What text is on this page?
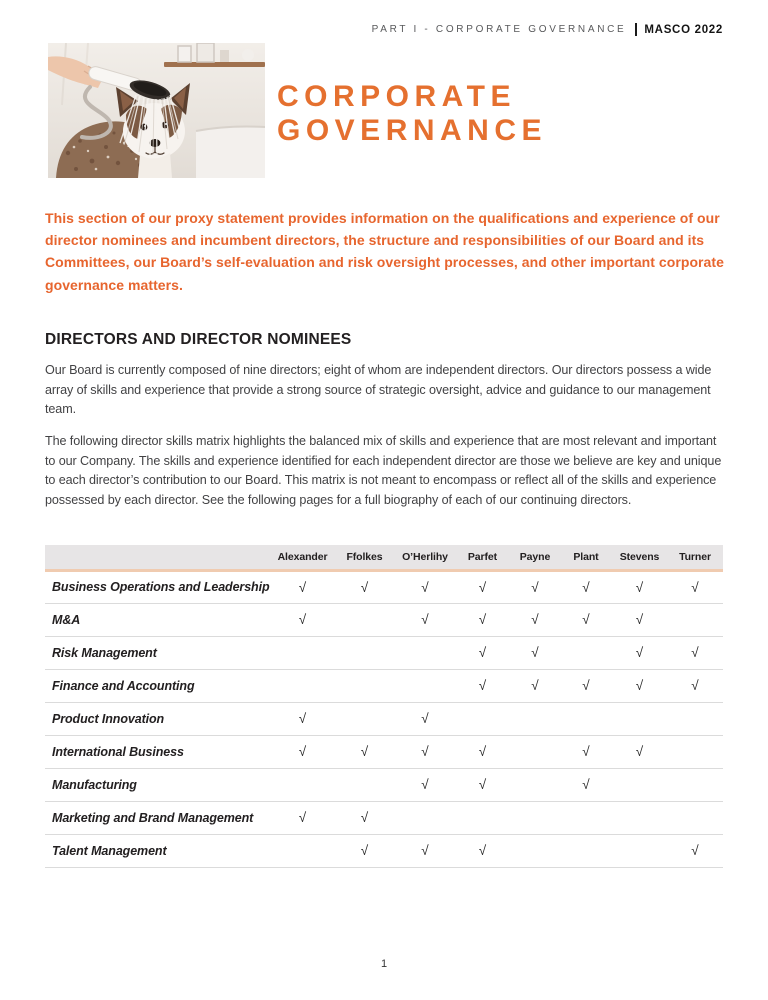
PART I - CORPORATE GOVERNANCE MASCO 2022
CORPORATE
GOVERNANCE

This section of our proxy statement provides information on the qualifications and experience of our director nominees and incumbent directors, the structure and responsibilities of our Board and its Committees, our Board’s self-evaluation and risk oversight processes, and other important corporate governance matters.

DIRECTORS AND DIRECTOR NOMINEES

Our Board is currently composed of nine directors; eight of whom are independent directors. Our directors possess a wide array of skills and experience that provide a strong source of strategic oversight, advice and guidance to our management team.

The following director skills matrix highlights the balanced mix of skills and experience that are most relevant and important to our Company. The skills and experience identified for each independent director are those we believe are key and unique to each director’s contribution to our Board. This matrix is not meant to encompass or reflect all of the skills and experience possessed by each director. See the following pages for a full biography of each of our continuing directors.

	Alexander	Ffolkes	O’Herlihy	Parfet	Payne	Plant	Stevens	Turner
Business Operations and Leadership	√	√	√	√	√	√	√	√
M&A	√		√	√	√	√	√	
Risk Management				√	√		√	√
Finance and Accounting				√	√	√	√	√
Product Innovation	√		√					
International Business	√	√	√	√		√	√	
Manufacturing			√	√		√		
Marketing and Brand Management	√	√						
Talent Management		√	√	√				√
1
